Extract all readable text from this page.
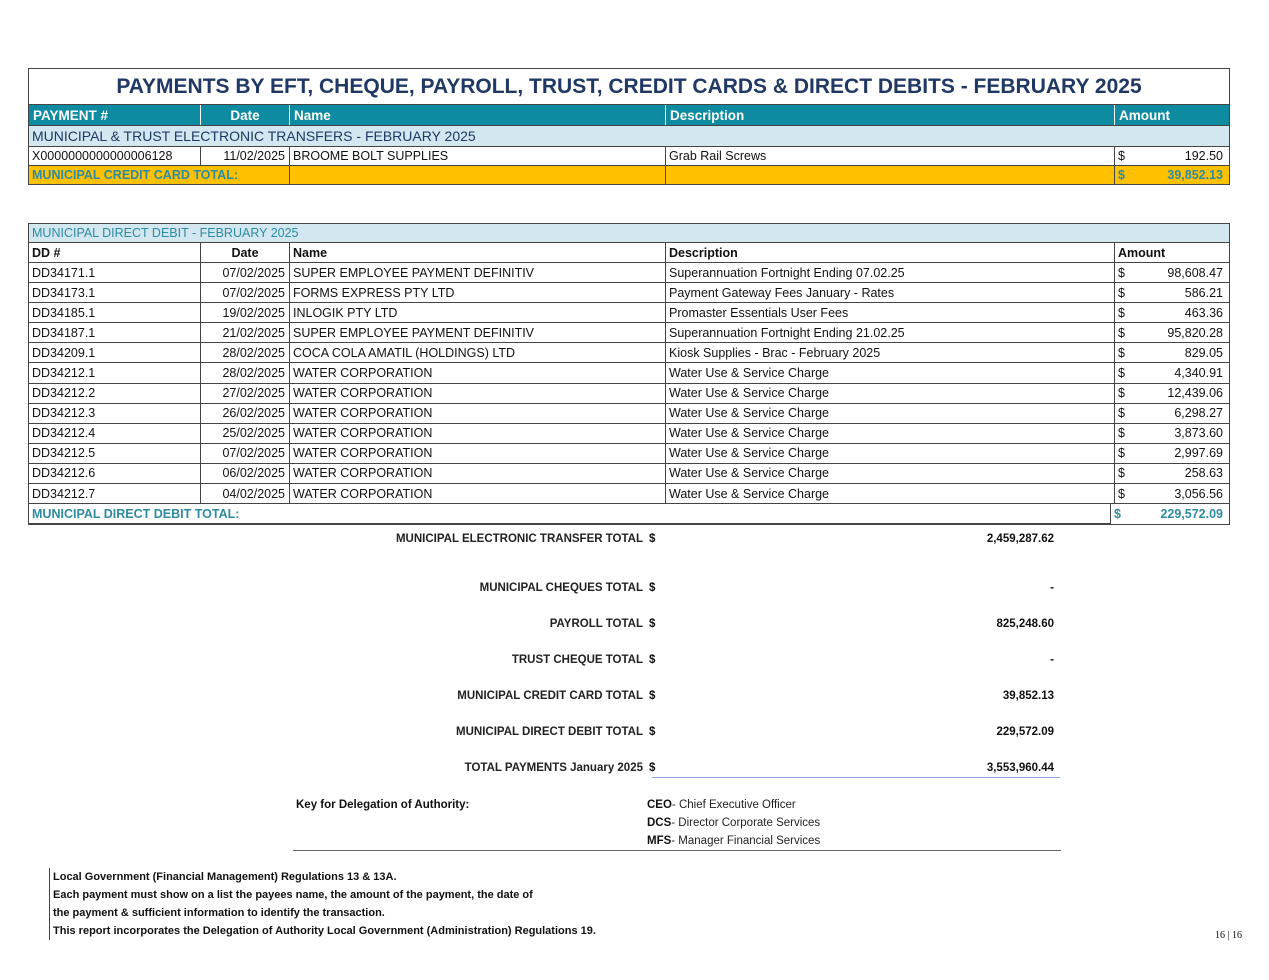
PAYMENTS BY EFT, CHEQUE, PAYROLL, TRUST, CREDIT CARDS & DIRECT DEBITS - FEBRUARY 2025
PAYMENT #	Date	Name	Description	Amount
MUNICIPAL & TRUST ELECTRONIC TRANSFERS - FEBRUARY 2025
X0000000000000006128	11/02/2025 BROOME BOLT SUPPLIES	Grab Rail Screws	$	192.50
MUNICIPAL CREDIT CARD TOTAL:	$	39,852.13
MUNICIPAL DIRECT DEBIT - FEBRUARY 2025
DD #	Date	Name	Description	Amount
DD34171.1	07/02/2025 SUPER EMPLOYEE PAYMENT DEFINITIV	Superannuation Fortnight Ending 07.02.25	$	98,608.47
DD34173.1	07/02/2025 FORMS EXPRESS PTY LTD	Payment Gateway Fees January - Rates	$	586.21
DD34185.1	19/02/2025 INLOGIK PTY LTD	Promaster Essentials User Fees	$	463.36
DD34187.1	21/02/2025 SUPER EMPLOYEE PAYMENT DEFINITIV	Superannuation Fortnight Ending 21.02.25	$	95,820.28
DD34209.1	28/02/2025 COCA COLA AMATIL (HOLDINGS) LTD	Kiosk Supplies - Brac - February 2025	$	829.05
DD34212.1	28/02/2025 WATER CORPORATION	Water Use & Service Charge	$	4,340.91
DD34212.2	27/02/2025 WATER CORPORATION	Water Use & Service Charge	$	12,439.06
DD34212.3	26/02/2025 WATER CORPORATION	Water Use & Service Charge	$	6,298.27
DD34212.4	25/02/2025 WATER CORPORATION	Water Use & Service Charge	$	3,873.60
DD34212.5	07/02/2025 WATER CORPORATION	Water Use & Service Charge	$	2,997.69
DD34212.6	06/02/2025 WATER CORPORATION	Water Use & Service Charge	$	258.63
DD34212.7	04/02/2025 WATER CORPORATION	Water Use & Service Charge	$	3,056.56
MUNICIPAL DIRECT DEBIT TOTAL:	$	229,572.09
MUNICIPAL ELECTRONIC TRANSFER TOTAL $	2,459,287.62
MUNICIPAL CHEQUES TOTAL $	-
PAYROLL TOTAL $	825,248.60
TRUST CHEQUE TOTAL $	-
MUNICIPAL CREDIT CARD TOTAL $	39,852.13
MUNICIPAL DIRECT DEBIT TOTAL $	229,572.09
TOTAL PAYMENTS January 2025 $	3,553,960.44
Key for Delegation of Authority:	CEO- Chief Executive Officer
DCS- Director Corporate Services
MFS- Manager Financial Services
Local Government (Financial Management) Regulations 13 & 13A.
Each payment must show on a list the payees name, the amount of the payment, the date of
the payment & sufficient information to identify the transaction.
This report incorporates the Delegation of Authority Local Government (Administration) Regulations 19.	16 | 16
